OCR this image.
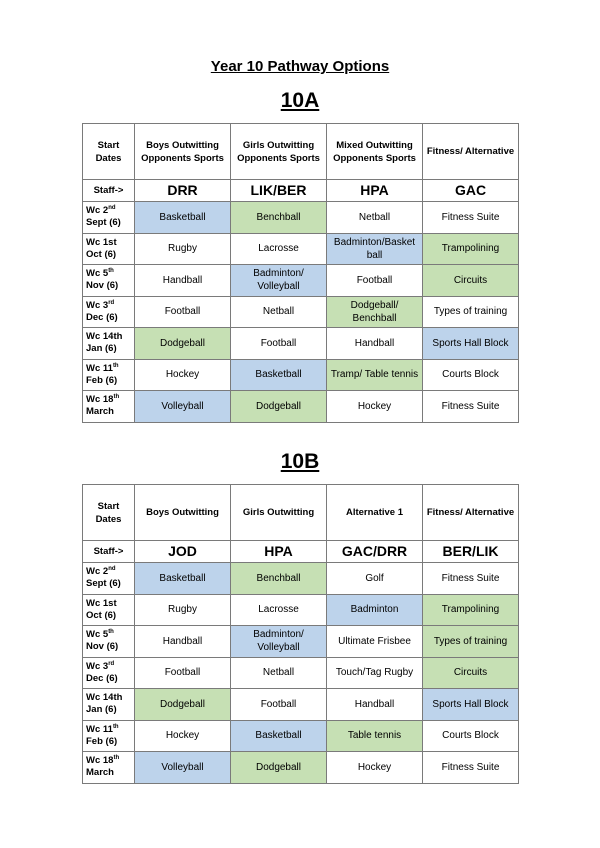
Year 10 Pathway Options
10A
Start Dates	Boys Outwitting Opponents Sports	Girls Outwitting Opponents Sports	Mixed Outwitting Opponents Sports	Fitness/ Alternative
Staff->	DRR	LIK/BER	HPA	GAC
Wc 2nd Sept (6)	Basketball	Benchball	Netball	Fitness Suite
Wc 1st Oct (6)	Rugby	Lacrosse	Badminton/Basket ball	Trampolining
Wc 5th Nov (6)	Handball	Badminton/ Volleyball	Football	Circuits
Wc 3rd Dec (6)	Football	Netball	Dodgeball/ Benchball	Types of training
Wc 14th Jan (6)	Dodgeball	Football	Handball	Sports Hall Block
Wc 11th Feb (6)	Hockey	Basketball	Tramp/ Table tennis	Courts Block
Wc 18th March	Volleyball	Dodgeball	Hockey	Fitness Suite
10B
Start Dates	Boys Outwitting	Girls Outwitting	Alternative 1	Fitness/ Alternative
Staff->	JOD	HPA	GAC/DRR	BER/LIK
Wc 2nd Sept (6)	Basketball	Benchball	Golf	Fitness Suite
Wc 1st Oct (6)	Rugby	Lacrosse	Badminton	Trampolining
Wc 5th Nov (6)	Handball	Badminton/ Volleyball	Ultimate Frisbee	Types of training
Wc 3rd Dec (6)	Football	Netball	Touch/Tag Rugby	Circuits
Wc 14th Jan (6)	Dodgeball	Football	Handball	Sports Hall Block
Wc 11th Feb (6)	Hockey	Basketball	Table tennis	Courts Block
Wc 18th March	Volleyball	Dodgeball	Hockey	Fitness Suite
